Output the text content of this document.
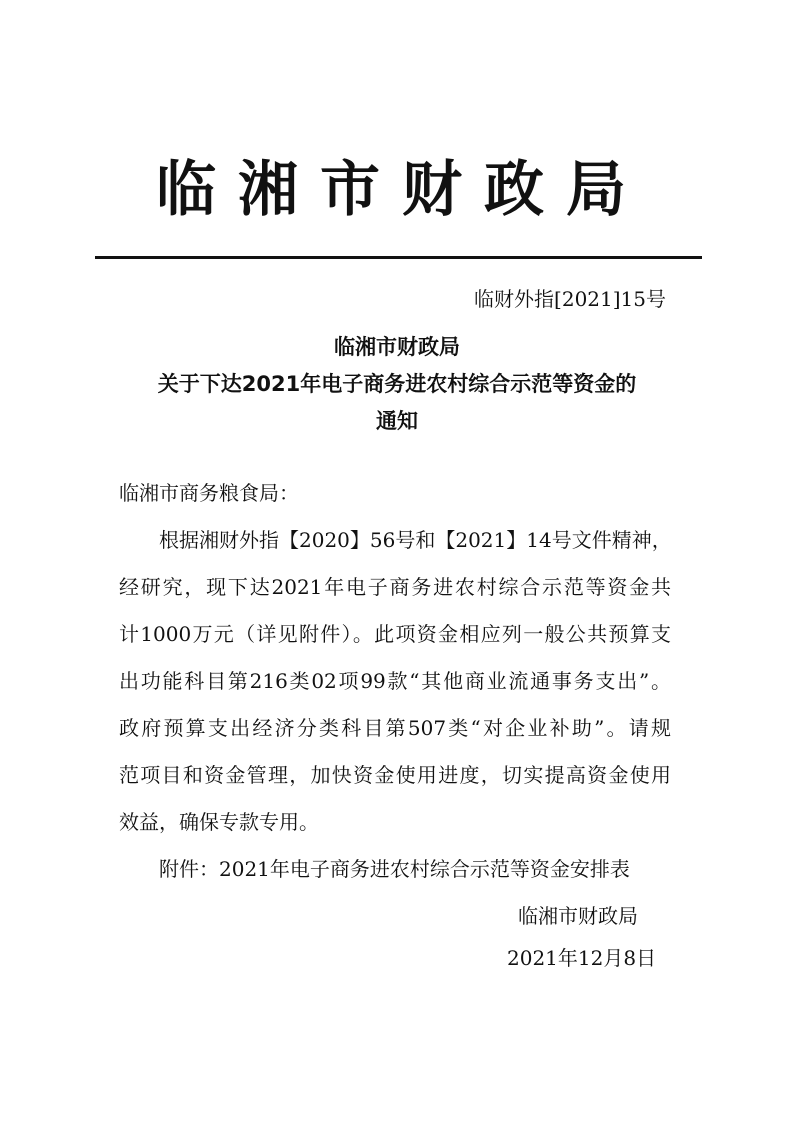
临湘市财政局
临财外指[2021]15号
临湘市财政局
关于下达2021年电子商务进农村综合示范等资金的
通知
临湘市商务粮食局：
　　根据湘财外指【2020】56号和【2021】14号文件精神，
经研究，现下达2021年电子商务进农村综合示范等资金共
计1000万元（详见附件）。此项资金相应列一般公共预算支
出功能科目第216类02项99款“其他商业流通事务支出”。
政府预算支出经济分类科目第507类“对企业补助”。请规
范项目和资金管理，加快资金使用进度，切实提高资金使用
效益，确保专款专用。
　　附件：2021年电子商务进农村综合示范等资金安排表
临湘市财政局
2021年12月8日
